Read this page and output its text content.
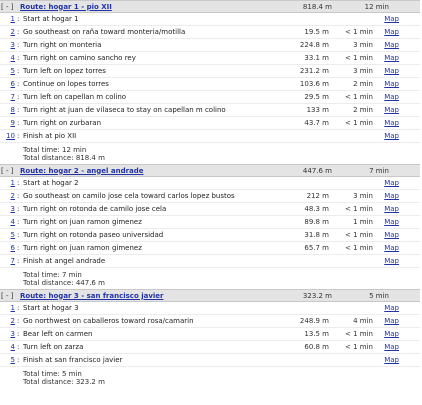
[ - ] Route: hogar 1 - pio XII	818.4 m	12 min
1 : Start at hogar 1	Map
2 : Go southeast on raña toward monteria/motilla	19.5 m	< 1 min	Map
3 : Turn right on monteria	224.8 m	3 min	Map
4 : Turn right on camino sancho rey	33.1 m	< 1 min	Map
5 : Turn left on lopez torres	231.2 m	3 min	Map
6 : Continue on lopes torres	103.6 m	2 min	Map
7 : Turn left on capellan m colino	29.5 m	< 1 min	Map
8 : Turn right at juan de vilaseca to stay on capellan m colino	133 m	2 min	Map
9 : Turn right on zurbaran	43.7 m	< 1 min	Map
10 : Finish at pio XII	Map
Total time: 12 min
Total distance: 818.4 m
[ - ] Route: hogar 2 - angel andrade	447.6 m	7 min
1 : Start at hogar 2	Map
2 : Go southeast on camilo jose cela toward carlos lopez bustos	212 m	3 min	Map
3 : Turn right on rotonda de camilo jose cela	48.3 m	< 1 min	Map
4 : Turn right on juan ramon gimenez	89.8 m	1 min	Map
5 : Turn right on rotonda paseo universidad	31.8 m	< 1 min	Map
6 : Turn right on juan ramon gimenez	65.7 m	< 1 min	Map
7 : Finish at angel andrade	Map
Total time: 7 min
Total distance: 447.6 m
[ - ] Route: hogar 3 - san francisco javier	323.2 m	5 min
1 : Start at hogar 3	Map
2 : Go northwest on caballeros toward rosa/camarin	248.9 m	4 min	Map
3 : Bear left on carmen	13.5 m	< 1 min	Map
4 : Turn left on zarza	60.8 m	< 1 min	Map
5 : Finish at san francisco javier	Map
Total time: 5 min
Total distance: 323.2 m
